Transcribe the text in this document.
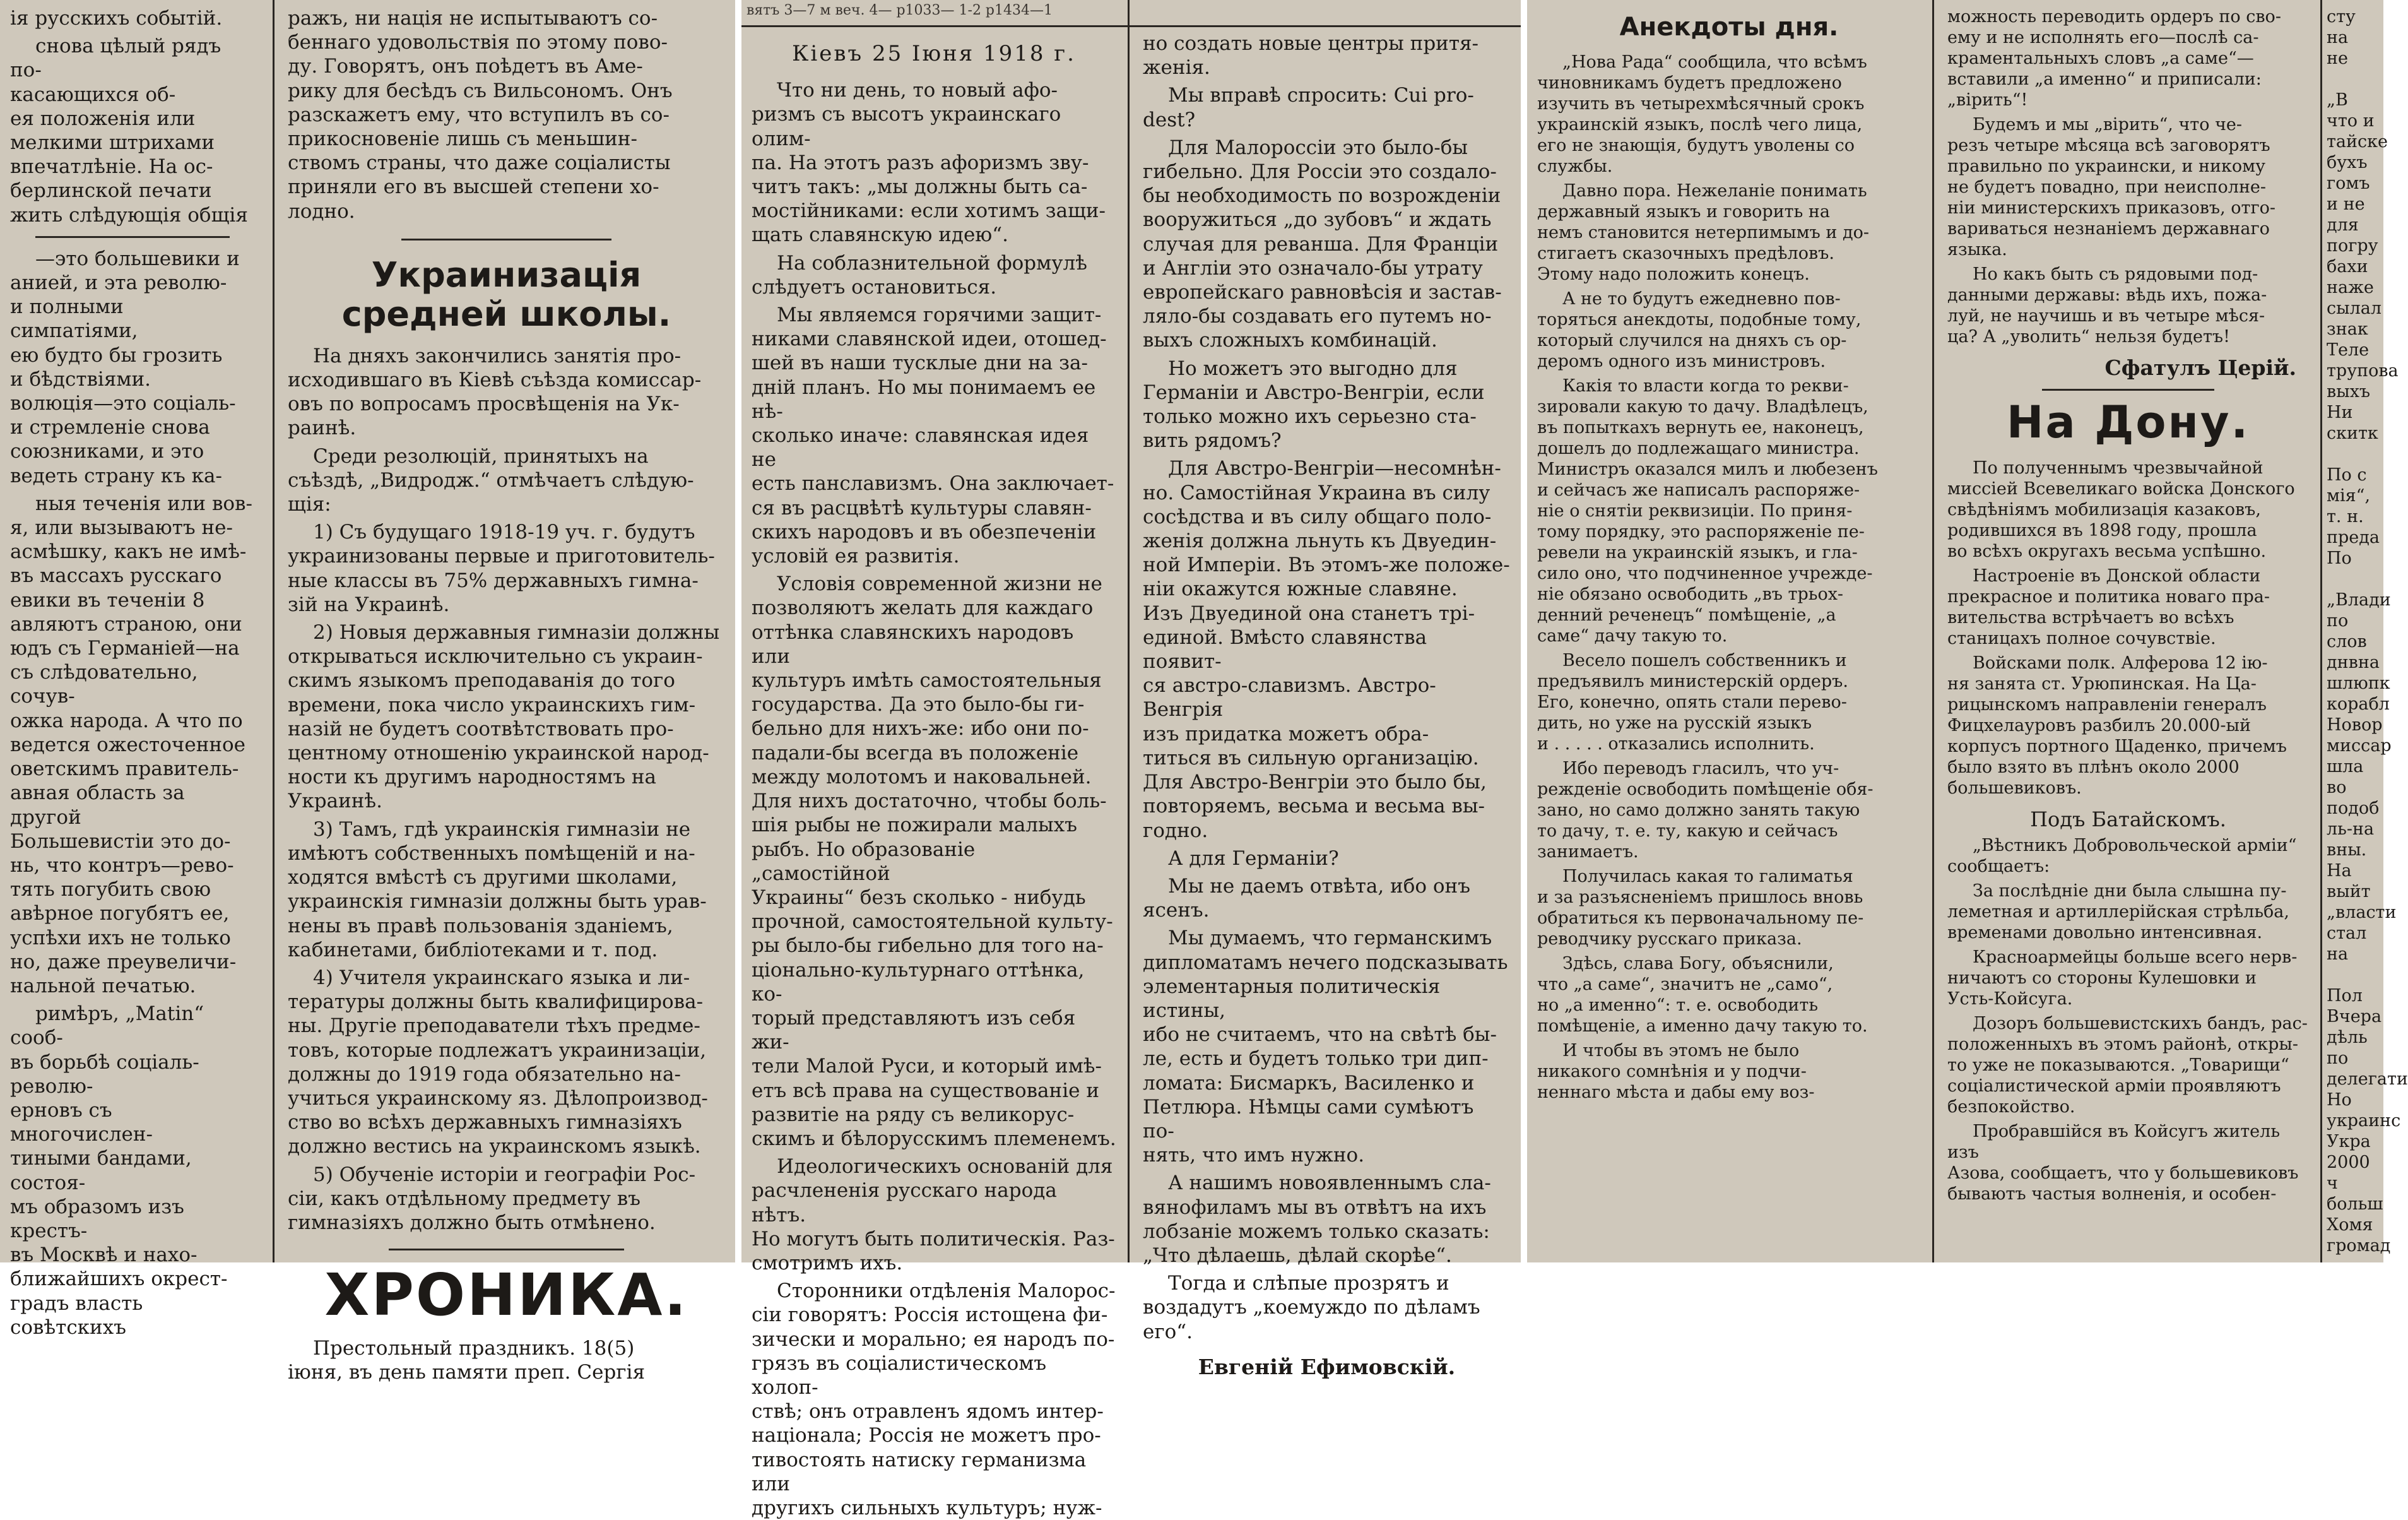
ія русскихъ событій.

снова цѣлый рядъ по-
касающихся об-
ея положенія или
мелкими штрихами
впечатлѣніе. На ос-
берлинской печати
жить слѣдующія общія

—это большевики и
анией, и эта револю-
и полными симпатіями,
ею будто бы грозить
и бѣдствіями.
волюція—это соціаль-
и стремленіе снова
союзниками, и это
ведеть страну къ ка-

ныя теченія или вов-
я, или вызываютъ не-
асмѣшку, какъ не имѣ-
въ массахъ русскаго
евики въ теченіи 8
авляютъ страною, они
юдъ съ Германіей—на
съ слѣдовательно, сочув-
ожка народа. А что по
ведется ожесточенное
оветскимъ правитель-
авная область за другой
Большевистіи это до-
нь, что контръ—рево-
тять погубить свою
авѣрное погубятъ ее,
успѣхи ихъ не только
но, даже преувеличи-
нальной печатью.

римѣръ, „Matin“ сооб-
въ борьбѣ соціаль-револю-
ерновъ съ многочислен-
тиными бандами, состоя-
мъ образомъ изъ крестъ-
въ Москвѣ и нахо-
ближайшихъ окрест-
градъ власть совѣтскихъ

ражъ, ни нація не испытываютъ со-
беннаго удовольствія по этому пово-
ду. Говорятъ, онъ поѣдетъ въ Аме-
рику для бесѣдъ съ Вильсономъ. Онъ
разскажетъ ему, что вступилъ въ со-
прикосновеніе лишь съ меньшин-
ствомъ страны, что даже соціалисты
приняли его въ высшей степени хо-
лодно.

Украинизація средней школы.

На дняхъ закончились занятія про-
исходившаго въ Кіевѣ съѣзда комиссар-
овъ по вопросамъ просвѣщенія на Ук-
раинѣ.

Среди резолюцій, принятыхъ на
съѣздѣ, „Видродж.“ отмѣчаетъ слѣдую-
щія:

1) Съ будущаго 1918-19 уч. г. будутъ
украинизованы первые и приготовитель-
ные классы въ 75% державныхъ гимна-
зій на Украинѣ.

2) Новыя державныя гимназіи должны
открываться исключительно съ украин-
скимъ языкомъ преподаванія до того
времени, пока число украинскихъ гим-
назій не будетъ соотвѣтствовать про-
центному отношенію украинской народ-
ности къ другимъ народностямъ на
Украинѣ.

3) Тамъ, гдѣ украинскія гимназіи не
имѣютъ собственныхъ помѣщеній и на-
ходятся вмѣстѣ съ другими школами,
украинскія гимназіи должны быть урав-
нены въ правѣ пользованія зданіемъ,
кабинетами, библіотеками и т. под.

4) Учителя украинскаго языка и ли-
тературы должны быть квалифицирова-
ны. Другіе преподаватели тѣхъ предме-
товъ, которые подлежатъ украинизаціи,
должны до 1919 года обязательно на-
учиться украинскому яз. Дѣлопроизвод-
ство во всѣхъ державныхъ гимназіяхъ
должно вестись на украинскомъ языкѣ.

5) Обученіе исторіи и географіи Рос-
сіи, какъ отдѣльному предмету въ
гимназіяхъ должно быть отмѣнено.

ХРОНИКА.

Престольный праздникъ. 18(5)
іюня, въ день памяти преп. Сергія

вятъ 3—7 м веч. 4— р1033— 1-2 р1434—1
Кіевъ 25 Іюня 1918 г.

Что ни день, то новый афо-
ризмъ съ высотъ украинскаго олим-
па. На этотъ разъ афоризмъ зву-
читъ такъ: „мы должны быть са-
мостійниками: если хотимъ защи-
щать славянскую идею“.

На соблазнительной формулѣ
слѣдуетъ остановиться.

Мы являемся горячими защит-
никами славянской идеи, отошед-
шей въ наши тусклые дни на за-
дній планъ. Но мы понимаемъ ее нѣ-
сколько иначе: славянская идея не
есть панславизмъ. Она заключает-
ся въ расцвѣтѣ культуры славян-
скихъ народовъ и въ обезпеченіи
условій ея развитія.

Условія современной жизни не
позволяютъ желать для каждаго
оттѣнка славянскихъ народовъ или
культуръ имѣть самостоятельныя
государства. Да это было-бы ги-
бельно для нихъ-же: ибо они по-
падали-бы всегда въ положеніе
между молотомъ и наковальней.
Для нихъ достаточно, чтобы боль-
шія рыбы не пожирали малыхъ
рыбъ. Но образованіе „самостійной
Украины“ безъ сколько - нибудь
прочной, самостоятельной культу-
ры было-бы гибельно для того на-
ціонально-культурнаго оттѣнка, ко-
торый представляютъ изъ себя жи-
тели Малой Руси, и который имѣ-
етъ всѣ права на существованіе и
развитіе на ряду съ великорус-
скимъ и бѣлорусскимъ племенемъ.

Идеологическихъ основаній для
расчлененія русскаго народа нѣтъ.
Но могутъ быть политическія. Раз-
смотримъ ихъ.

Сторонники отдѣленія Малорос-
сіи говорятъ: Россія истощена фи-
зически и морально; ея народъ по-
грязъ въ соціалистическомъ холоп-
ствѣ; онъ отравленъ ядомъ интер-
націонала; Россія не можетъ про-
тивостоять натиску германизма или
другихъ сильныхъ культуръ; нуж-

но создать новые центры притя-
женія.

Мы вправѣ спросить: Сui pro-
dest?

Для Малороссіи это было-бы
гибельно. Для Россіи это создало-
бы необходимость по возрожденіи
вооружиться „до зубовъ“ и ждать
случая для реванша. Для Франціи
и Англіи это означало-бы утрату
европейскаго равновѣсія и застав-
ляло-бы создавать его путемъ но-
выхъ сложныхъ комбинацій.

Но можетъ это выгодно для
Германіи и Австро-Венгріи, если
только можно ихъ серьезно ста-
вить рядомъ?

Для Австро-Венгріи—несомнѣн-
но. Самостійная Украина въ силу
сосѣдства и въ силу общаго поло-
женія должна льнуть къ Двуедин-
ной Имперіи. Въ этомъ-же положе-
ніи окажутся южные славяне.
Изъ Двуединой она станетъ трі-
единой. Вмѣсто славянства появит-
ся австро-славизмъ. Австро-Венгрія
изъ придатка можетъ обра-
титься въ сильную организацію.
Для Австро-Венгріи это было бы,
повторяемъ, весьма и весьма вы-
годно.

А для Германіи?

Мы не даемъ отвѣта, ибо онъ
ясенъ.

Мы думаемъ, что германскимъ
дипломатамъ нечего подсказывать
элементарныя политическія истины,
ибо не считаемъ, что на свѣтѣ бы-
ле, есть и будетъ только три дип-
ломата: Бисмаркъ, Василенко и
Петлюра. Нѣмцы сами сумѣютъ по-
нять, что имъ нужно.

А нашимъ новоявленнымъ сла-
вянофиламъ мы въ отвѣтъ на ихъ
лобзаніе можемъ только сказать:
„Что дѣлаешь, дѣлай скорѣе“.

Тогда и слѣпые прозрятъ и
воздадутъ „коемуждо по дѣламъ
его“.

Евгеній Ефимовскій.
Анекдоты дня.

„Нова Рада“ сообщила, что всѣмъ
чиновникамъ будетъ предложено
изучить въ четырехмѣсячный срокъ
украинскій языкъ, послѣ чего лица,
его не знающія, будутъ уволены со
службы.

Давно пора. Нежеланіе понимать
державный языкъ и говорить на
немъ становится нетерпимымъ и до-
стигаетъ сказочныхъ предѣловъ.
Этому надо положить конецъ.

А не то будутъ ежедневно пов-
торяться анекдоты, подобные тому,
который случился на дняхъ съ ор-
деромъ одного изъ министровъ.

Какія то власти когда то рекви-
зировали какую то дачу. Владѣлецъ,
въ попыткахъ вернуть ее, наконецъ,
дошелъ до подлежащаго министра.
Министръ оказался милъ и любезенъ
и сейчасъ же написалъ распоряже-
ніе о снятіи реквизиціи. По приня-
тому порядку, это распоряженіе пе-
ревели на украинскій языкъ, и гла-
сило оно, что подчиненное учрежде-
ніе обязано освободить „въ трьох-
денний реченецъ“ помѣщеніе, „а
саме“ дачу такую то.

Весело пошелъ собственникъ и
предъявилъ министерскій ордеръ.
Его, конечно, опять стали перево-
дить, но уже на русскій языкъ
и . . . . . отказались исполнить.

Ибо переводъ гласилъ, что уч-
режденіе освободить помѣщеніе обя-
зано, но само должно занять такую
то дачу, т. е. ту, какую и сейчасъ
занимаетъ.

Получилась какая то галиматья
и за разъясненіемъ пришлось вновь
обратиться къ первоначальному пе-
реводчику русскаго приказа.

Здѣсь, слава Богу, объяснили,
что „а саме“, значитъ не „само“,
но „а именно“: т. е. освободить
помѣщеніе, а именно дачу такую то.

И чтобы въ этомъ не было
никакого сомнѣнія и у подчи-
неннаго мѣста и дабы ему воз-

можность переводить ордеръ по сво-
ему и не исполнять его—послѣ са-
краментальныхъ словъ „а саме“—
вставили „а именно“ и приписали:
„вірить“!

Будемъ и мы „вірить“, что че-
резъ четыре мѣсяца всѣ заговорятъ
правильно по украински, и никому
не будетъ повадно, при неисполне-
ніи министерскихъ приказовъ, отго-
вариваться незнаніемъ державнаго
языка.

Но какъ быть съ рядовыми под-
данными державы: вѣдь ихъ, пожа-
луй, не научишь и въ четыре мѣся-
ца? А „уволить“ нельзя будетъ!

Сфатулъ Церій.
На Дону.

По полученнымъ чрезвычайной
миссіей Всевеликаго войска Донского
свѣдѣніямъ мобилизація казаковъ,
родившихся въ 1898 году, прошла
во всѣхъ округахъ весьма успѣшно.

Настроеніе въ Донской области
прекрасное и политика новаго пра-
вительства встрѣчаетъ во всѣхъ
станицахъ полное сочувствіе.

Войсками полк. Алферова 12 ію-
ня занята ст. Урюпинская. На Ца-
рицынскомъ направленіи генералъ
Фицхелауровъ разбилъ 20.000-ый
корпусъ портного Щаденко, причемъ
было взято въ плѣнъ около 2000
большевиковъ.

Подъ Батайскомъ.

„Вѣстникъ Добровольческой арміи“
сообщаетъ:

За послѣдніе дни была слышна пу-
леметная и артиллерійская стрѣльба,
временами довольно интенсивная.

Красноармейцы больше всего нерв-
ничаютъ со стороны Кулешовки и
Усть-Койсуга.

Дозоръ большевистскихъ бандъ, рас-
положенныхъ въ этомъ районѣ, откры-
то уже не показываются. „Товарищи“
соціалистической арміи проявляютъ
безпокойство.

Пробравшійся въ Койсугъ житель изъ
Азова, сообщаетъ, что у большевиковъ
бываютъ частыя волненія, и особен-

сту
на
не

„В
что и
тайске
бухъ
гомъ
и не
для
погру
бахи
наже
сылал
знак
Теле
трупова
выхъ
Ни
скитк

По с
мія“,
т. н.
преда
По

„Влади
по слов
днвна
шлюпк
корабл
Новор
миссар
шла во
подоб
ль-на
вны.
На
выйт
„власти
стал на

Пол
Вчера
дѣль по
делегати
Но
украинс
Укра
2000 ч
больш
Хомя
громад
